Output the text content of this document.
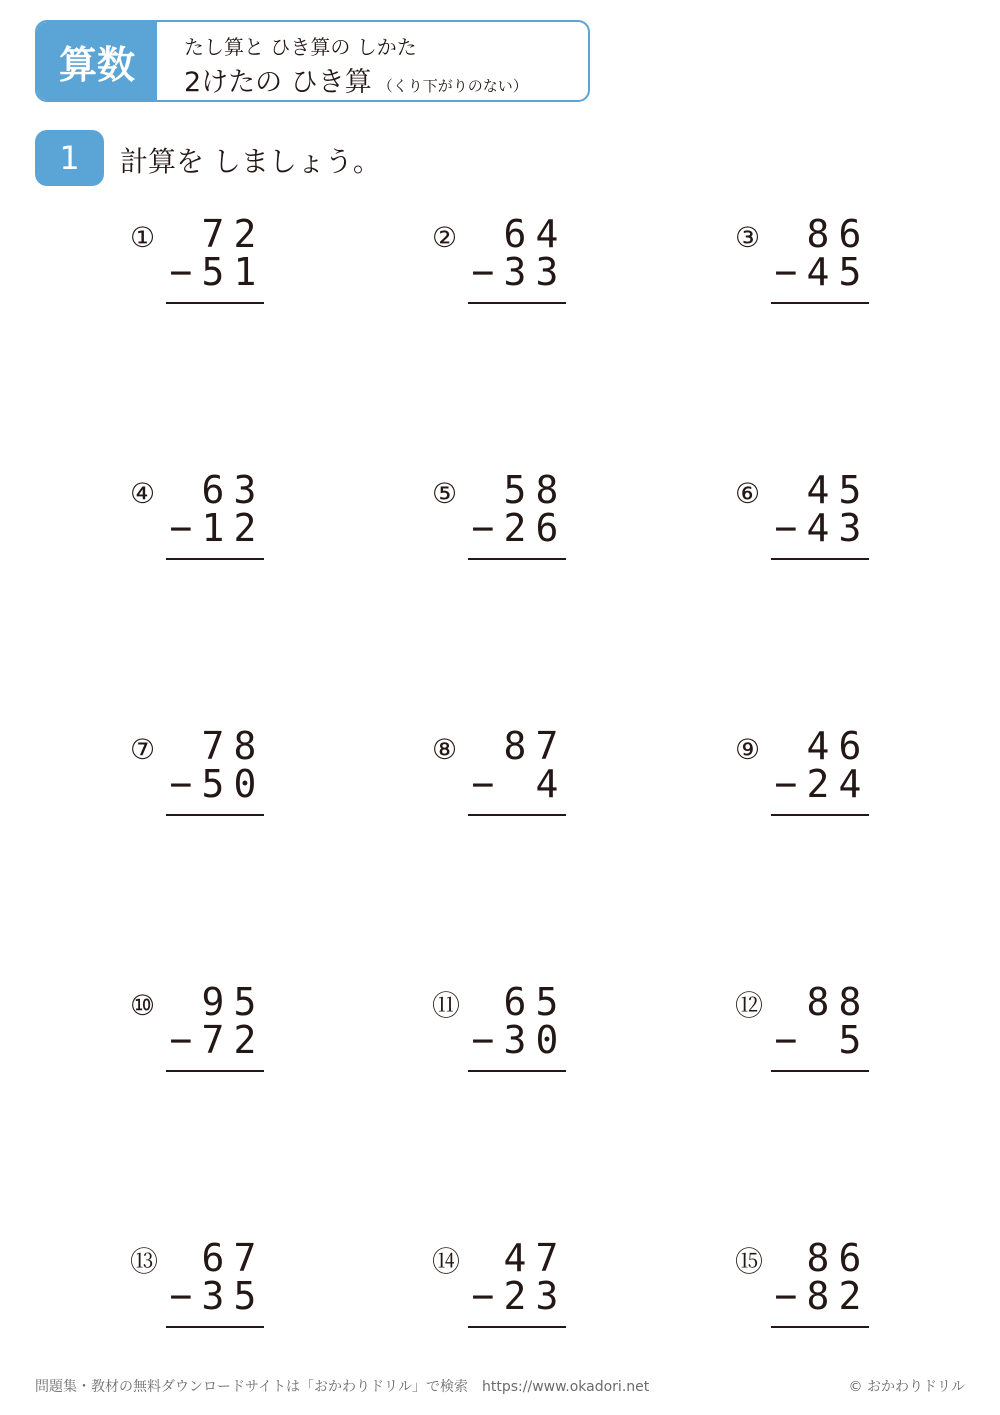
算数	たし算と ひき算の しかた
2けたの ひき算 （くり下がりのない）
1	計算を しましょう。
① 7 2
− 5 1
② 6 4
− 3 3
③ 8 6
− 4 5
④ 6 3
− 1 2
⑤ 5 8
− 2 6
⑥ 4 5
− 4 3
⑦ 7 8
− 5 0
⑧ 8 7
− 4
⑨ 4 6
− 2 4
⑩ 9 5
− 7 2
⑪ 6 5
− 3 0
⑫ 8 8
− 5
⑬ 6 7
− 3 5
⑭ 4 7
− 2 3
⑮ 8 6
− 8 2
問題集・教材の無料ダウンロードサイトは「おかわりドリル」で検索　https://www.okadori.net	© おかわりドリル
